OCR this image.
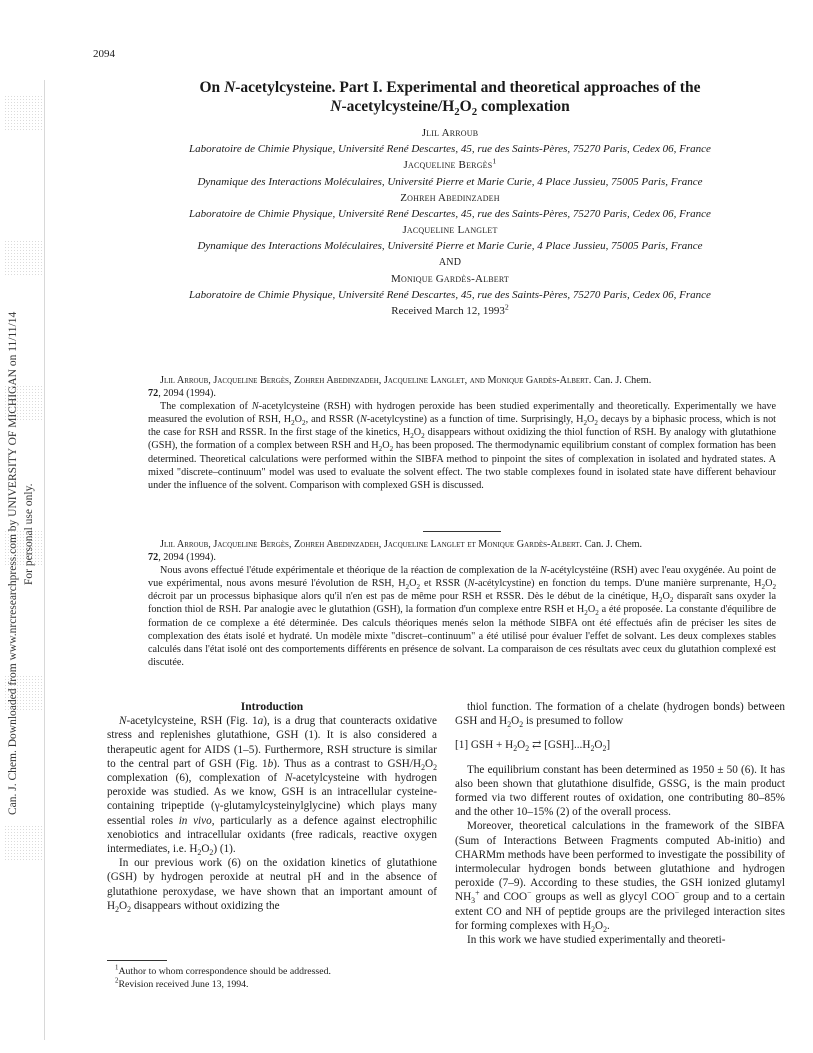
2094
Can. J. Chem. Downloaded from www.nrcresearchpress.com by UNIVERSITY OF MICHIGAN on 11/11/14 For personal use only.
On N-acetylcysteine. Part I. Experimental and theoretical approaches of the
$N-acetylcysteine/H_2O_2$ complexation
Jlil Arroub
Laboratoire de Chimie Physique, Université René Descartes, 45, rue des Saints-Pères, 75270 Paris, Cedex 06, France
Jacqueline Bergès$^1$
Dynamique des Interactions Moléculaires, Université Pierre et Marie Curie, 4 Place Jussieu, 75005 Paris, France
Zohreh Abedinzadeh
Laboratoire de Chimie Physique, Université René Descartes, 45, rue des Saints-Pères, 75270 Paris, Cedex 06, France
Jacqueline Langlet
Dynamique des Interactions Moléculaires, Université Pierre et Marie Curie, 4 Place Jussieu, 75005 Paris, France
AND
Monique Gardès-Albert
Laboratoire de Chimie Physique, Université René Descartes, 45, rue des Saints-Pères, 75270 Paris, Cedex 06, France
Received March 12, 1993$^2$

Jlil Arroub, Jacqueline Bergès, Zohreh Abedinzadeh, Jacqueline Langlet, and Monique Gardès-Albert. Can. J. Chem.
72, 2094 (1994).

The complexation of N-acetylcysteine (RSH) with hydrogen peroxide has been studied experimentally and theoretically. Experimentally we have measured the evolution of RSH, $H_2O_2$, and RSSR (N-acetylcystine) as a function of time. Surprisingly, $H_2O_2$ decays by a biphasic process, which is not the case for RSH and RSSR. In the first stage of the kinetics, $H_2O_2$ disappears without oxidizing the thiol function of RSH. By analogy with glutathione (GSH), the formation of a complex between RSH and $H_2O_2$ has been proposed. The thermodynamic equilibrium constant of complex formation has been determined. Theoretical calculations were performed within the SIBFA method to pinpoint the sites of complexation in isolated and hydrated states. A mixed "discrete–continuum" model was used to evaluate the solvent effect. The two stable complexes found in isolated state have different behaviour under the influence of the solvent. Comparison with complexed GSH is discussed.

Jlil Arroub, Jacqueline Bergès, Zohreh Abedinzadeh, Jacqueline Langlet et Monique Gardès-Albert. Can. J. Chem.
72, 2094 (1994).

Nous avons effectué l'étude expérimentale et théorique de la réaction de complexation de la N-acétylcystéine (RSH) avec l'eau oxygénée. Au point de vue expérimental, nous avons mesuré l'évolution de RSH, $H_2O_2$ et RSSR (N-acétylcystine) en fonction du temps. D'une manière surprenante, $H_2O_2$ décroit par un processus biphasique alors qu'il n'en est pas de même pour RSH et RSSR. Dès le début de la cinétique, $H_2O_2$ disparaît sans oxyder la fonction thiol de RSH. Par analogie avec le glutathion (GSH), la formation d'un complexe entre RSH et $H_2O_2$ a été proposée. La constante d'équilibre de formation de ce complexe a été déterminée. Des calculs théoriques menés selon la méthode SIBFA ont été effectués afin de préciser les sites de complexation des états isolé et hydraté. Un modèle mixte "discret–continuum" a été utilisé pour évaluer l'effet de solvant. Les deux complexes stables calculés dans l'état isolé ont des comportements différents en présence de solvant. La comparaison de ces résultats avec ceux du glutathion complexé est discutée.

Introduction

N-acetylcysteine, RSH (Fig. 1a), is a drug that counteracts oxidative stress and replenishes glutathione, GSH (1). It is also considered a therapeutic agent for AIDS (1–5). Furthermore, RSH structure is similar to the central part of GSH (Fig. 1b). Thus as a contrast to GSH/$H_2O_2$ complexation (6), complexation of N-acetylcysteine with hydrogen peroxide was studied. As we know, GSH is an intracellular cysteine-containing tripeptide (γ-glutamylcysteinylglycine) which plays many essential roles in vivo, particularly as a defence against electrophilic xenobiotics and intracellular oxidants (free radicals, reactive oxygen intermediates, i.e. $H_2O_2$) (1).

In our previous work (6) on the oxidation kinetics of glutathione (GSH) by hydrogen peroxide at neutral pH and in the absence of glutathione peroxydase, we have shown that an important amount of $H_2O_2$ disappears without oxidizing the

thiol function. The formation of a chelate (hydrogen bonds) between GSH and $H_2O_2$ is presumed to follow

[1] GSH + $H_2O_2$ ⇄ $[GSH]...H_2O_2$]

The equilibrium constant has been determined as 1950 ± 50 (6). It has also been shown that glutathione disulfide, GSSG, is the main product formed via two different routes of oxidation, one contributing 80–85% and the other 10–15% (2) of the overall process.

Moreover, theoretical calculations in the framework of the SIBFA (Sum of Interactions Between Fragments computed Ab-initio) and CHARMm methods have been performed to investigate the possibility of intermolecular hydrogen bonds between glutathione and hydrogen peroxide (7–9). According to these studies, the GSH ionized glutamyl $NH_3^+$ and COO− groups as well as glycyl COO− group and to a certain extent CO and NH of peptide groups are the privileged interaction sites for forming complexes with $H_2O_2$.

In this work we have studied experimentally and theoreti-

$^1$Author to whom correspondence should be addressed.

$^2$Revision received June 13, 1994.
